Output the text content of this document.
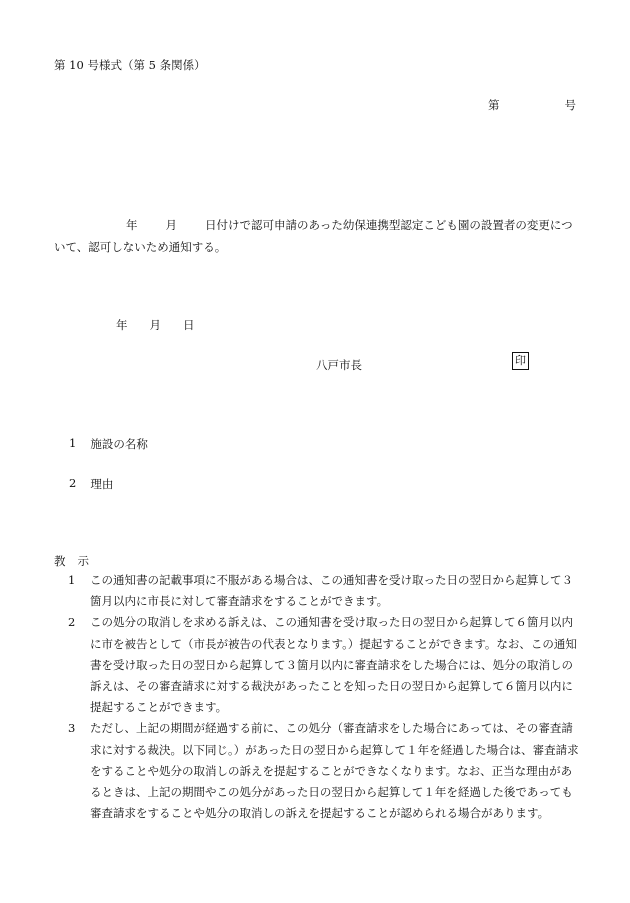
第 10 号様式（第 5 条関係）
第	号
年 月 日付けで認可申請のあった幼保連携型認定こども園の設置者の変更について、認可しないため通知する。
年 月 日
八戸市長	印
1 施設の名称
2 理由
教 示
1	この通知書の記載事項に不服がある場合は、この通知書を受け取った日の翌日から起算して３箇月以内に市長に対して審査請求をすることができます。
2	この処分の取消しを求める訴えは、この通知書を受け取った日の翌日から起算して６箇月以内に市を被告として（市長が被告の代表となります。）提起することができます。なお、この通知書を受け取った日の翌日から起算して３箇月以内に審査請求をした場合には、処分の取消しの訴えは、その審査請求に対する裁決があったことを知った日の翌日から起算して６箇月以内に提起することができます。
3	ただし、上記の期間が経過する前に、この処分（審査請求をした場合にあっては、その審査請求に対する裁決。以下同じ。）があった日の翌日から起算して１年を経過した場合は、審査請求をすることや処分の取消しの訴えを提起することができなくなります。なお、正当な理由があるときは、上記の期間やこの処分があった日の翌日から起算して１年を経過した後であっても審査請求をすることや処分の取消しの訴えを提起することが認められる場合があります。
